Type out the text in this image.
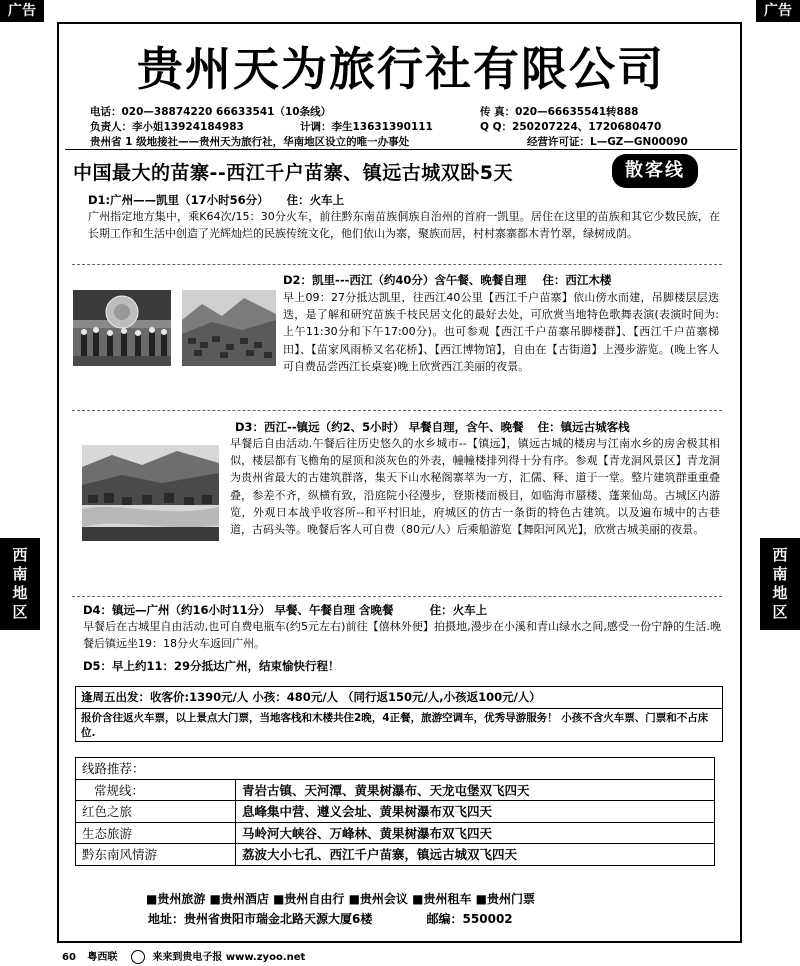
广告	广告
西
南
地
区
西
南
地
区
贵州天为旅行社有限公司
电话：020—38874220 66633541（10条线）	传 真：020—66635541转888
负责人：李小姐13924184983	计调：李生13631390111	Q Q：250207224、1720680470
贵州省 1 级地接社——贵州天为旅行社，华南地区设立的唯一办事处	经营许可证：L—GZ—GN00090
中国最大的苗寨--西江千户苗寨、镇远古城双卧5天	散客线
D1:广州——凯里（17小时56分） 住：火车上
广州指定地方集中，乘K64次/15：30分火车，前往黔东南苗族侗族自治州的首府一凯里。居住在这里的苗族和其它少数民族，在长期工作和生活中创造了光辉灿烂的民族传统文化，他们依山为寨，聚族而居，村村寨寨都木青竹翠，绿树成荫。
D2：凯里---西江（约40分）含午餐、晚餐自理 住：西江木楼
早上09：27分抵达凯里，往西江40公里【西江千户苗寨】依山傍水而建，吊脚楼层层迭迭，是了解和研究苗族千枝民居文化的最好去处，可欣赏当地特色歌舞表演(表演时间为:上午11:30分和下午17:00分)。也可参观【西江千户苗寨吊脚楼群】、【西江千户苗寨梯田】、【苗家风雨桥又名花桥】、【西江博物馆】，自由在【古街道】上漫步游览。(晚上客人可自费品尝西江长桌宴)晚上欣赏西江美丽的夜景。
D3：西江--镇远（约2、5小时） 早餐自理，含午、晚餐 住：镇远古城客栈
早餐后自由活动.午餐后往历史悠久的水乡城市--【镇远】，镇远古城的楼房与江南水乡的房舍极其相似，楼层都有飞檐角的屋顶和淡灰色的外表，幢幢楼排列得十分有序。参观【青龙洞风景区】青龙洞为贵州省最大的古建筑群落，集天下山水秘阁寨萃为一方，汇儒、释、道于一堂。整片建筑群重重叠叠，参差不齐，纵横有致，沿庭院小径漫步，登斯楼而极目，如临海市蜃楼、蓬莱仙岛。古城区内游览，外观日本战乎收容所--和平村旧址，府城区的仿古一条街的特色古建筑。以及遍布城中的古巷道，古码头等。晚餐后客人可自费（80元/人）后乘船游览【舞阳河风光】，欣赏古城美丽的夜景。
D4：镇远—广州（约16小时11分） 早餐、午餐自理 含晚餐	住：火车上
早餐后在古城里自由活动,也可自费电瓶车(约5元左右)前往【僖林外便】拍摄地,漫步在小溪和青山绿水之间,感受一份宁静的生活.晚餐后镇远坐19：18分火车返回广州。
D5：早上约11：29分抵达广州，结束愉快行程！
逢周五出发：收客价:1390元/人 小孩：480元/人 （同行返150元/人,小孩返100元/人）
报价含往返火车票，以上景点大门票，当地客栈和木楼共住2晚，4正餐，旅游空调车，优秀导游服务！ 小孩不含火车票、门票和不占床位.
线路推荐：	
常规线：	青岩古镇、天河潭、黄果树瀑布、天龙屯堡双飞四天
红色之旅	息峰集中营、遵义会址、黄果树瀑布双飞四天
生态旅游	马岭河大峡谷、万峰林、黄果树瀑布双飞四天
黔东南风情游	荔波大小七孔、西江千户苗寨，镇远古城双飞四天
■贵州旅游 ■贵州酒店 ■贵州自由行 ■贵州会议 ■贵州租车 ■贵州门票
地址：贵州省贵阳市瑞金北路天源大厦6楼	邮编：550002
60 粤西联	来来到贵电子报 www.zyoo.net
